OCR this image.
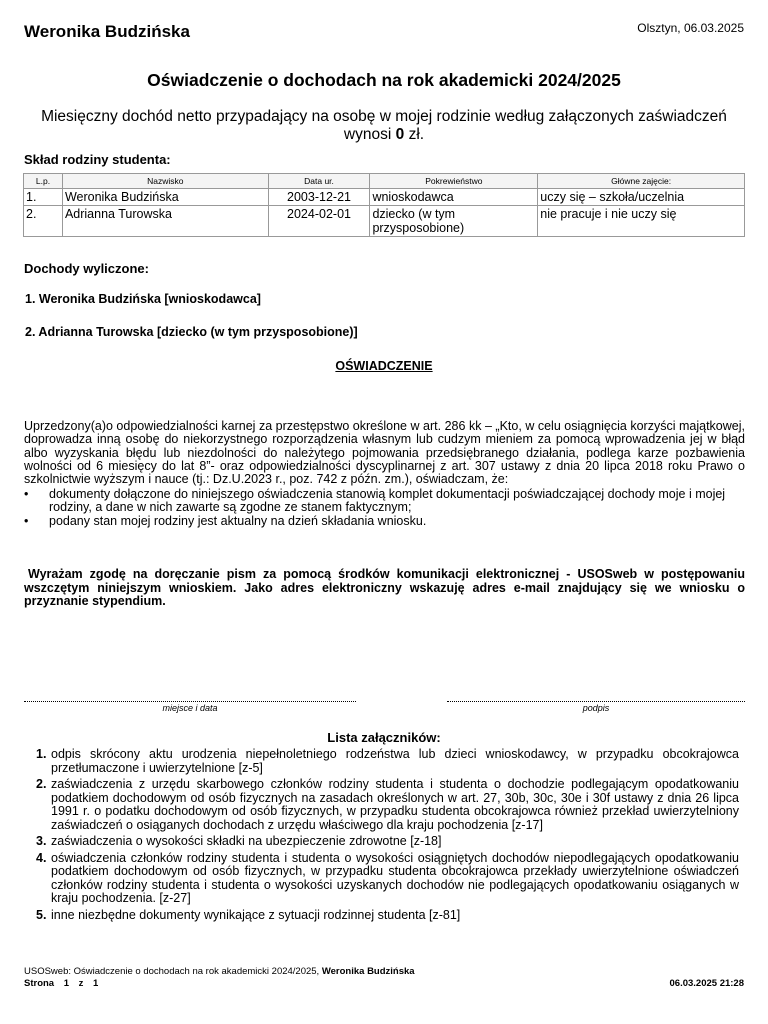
Weronika Budzińska	Olsztyn, 06.03.2025
Oświadczenie o dochodach na rok akademicki 2024/2025
Miesięczny dochód netto przypadający na osobę w mojej rodzinie według załączonych zaświadczeń wynosi 0 zł.
Skład rodziny studenta:
L.p.	Nazwisko	Data ur.	Pokrewieństwo	Główne zajęcie:
1.	Weronika Budzińska	2003-12-21	wnioskodawca	uczy się – szkoła/uczelnia
2.	Adrianna Turowska	2024-02-01	dziecko (w tym przysposobione)	nie pracuje i nie uczy się
Dochody wyliczone:
1. Weronika Budzińska [wnioskodawca]
2. Adrianna Turowska [dziecko (w tym przysposobione)]
OŚWIADCZENIE
Uprzedzony(a)o odpowiedzialności karnej za przestępstwo określone w art. 286 kk – „Kto, w celu osiągnięcia korzyści majątkowej, doprowadza inną osobę do niekorzystnego rozporządzenia własnym lub cudzym mieniem za pomocą wprowadzenia jej w błąd albo wyzyskania błędu lub niezdolności do należytego pojmowania przedsiębranego działania, podlega karze pozbawienia wolności od 6 miesięcy do lat 8”- oraz odpowiedzialności dyscyplinarnej z art. 307 ustawy z dnia 20 lipca 2018 roku Prawo o szkolnictwie wyższym i nauce (tj.: Dz.U.2023 r., poz. 742 z późn. zm.), oświadczam, że:
• dokumenty dołączone do niniejszego oświadczenia stanowią komplet dokumentacji poświadczającej dochody moje i mojej rodziny, a dane w nich zawarte są zgodne ze stanem faktycznym;
• podany stan mojej rodziny jest aktualny na dzień składania wniosku.
Wyrażam zgodę na doręczanie pism za pomocą środków komunikacji elektronicznej - USOSweb w postępowaniu wszczętym niniejszym wnioskiem. Jako adres elektroniczny wskazuję adres e-mail znajdujący się we wniosku o przyznanie stypendium.
miejsce i data	podpis
Lista załączników:
1. odpis skrócony aktu urodzenia niepełnoletniego rodzeństwa lub dzieci wnioskodawcy, w przypadku obcokrajowca przetłumaczone i uwierzytelnione [z-5]
2. zaświadczenia z urzędu skarbowego członków rodziny studenta i studenta o dochodzie podlegającym opodatkowaniu podatkiem dochodowym od osób fizycznych na zasadach określonych w art. 27, 30b, 30c, 30e i 30f ustawy z dnia 26 lipca 1991 r. o podatku dochodowym od osób fizycznych, w przypadku studenta obcokrajowca również przekład uwierzytelniony zaświadczeń o osiąganych dochodach z urzędu właściwego dla kraju pochodzenia [z-17]
3. zaświadczenia o wysokości składki na ubezpieczenie zdrowotne [z-18]
4. oświadczenia członków rodziny studenta i studenta o wysokości osiągniętych dochodów niepodlegających opodatkowaniu podatkiem dochodowym od osób fizycznych, w przypadku studenta obcokrajowca przekłady uwierzytelnione oświadczeń członków rodziny studenta i studenta o wysokości uzyskanych dochodów nie podlegających opodatkowaniu osiąganych w kraju pochodzenia. [z-27]
5. inne niezbędne dokumenty wynikające z sytuacji rodzinnej studenta [z-81]
USOSweb: Oświadczenie o dochodach na rok akademicki 2024/2025, Weronika Budzińska
Strona 1 z 1	06.03.2025 21:28
